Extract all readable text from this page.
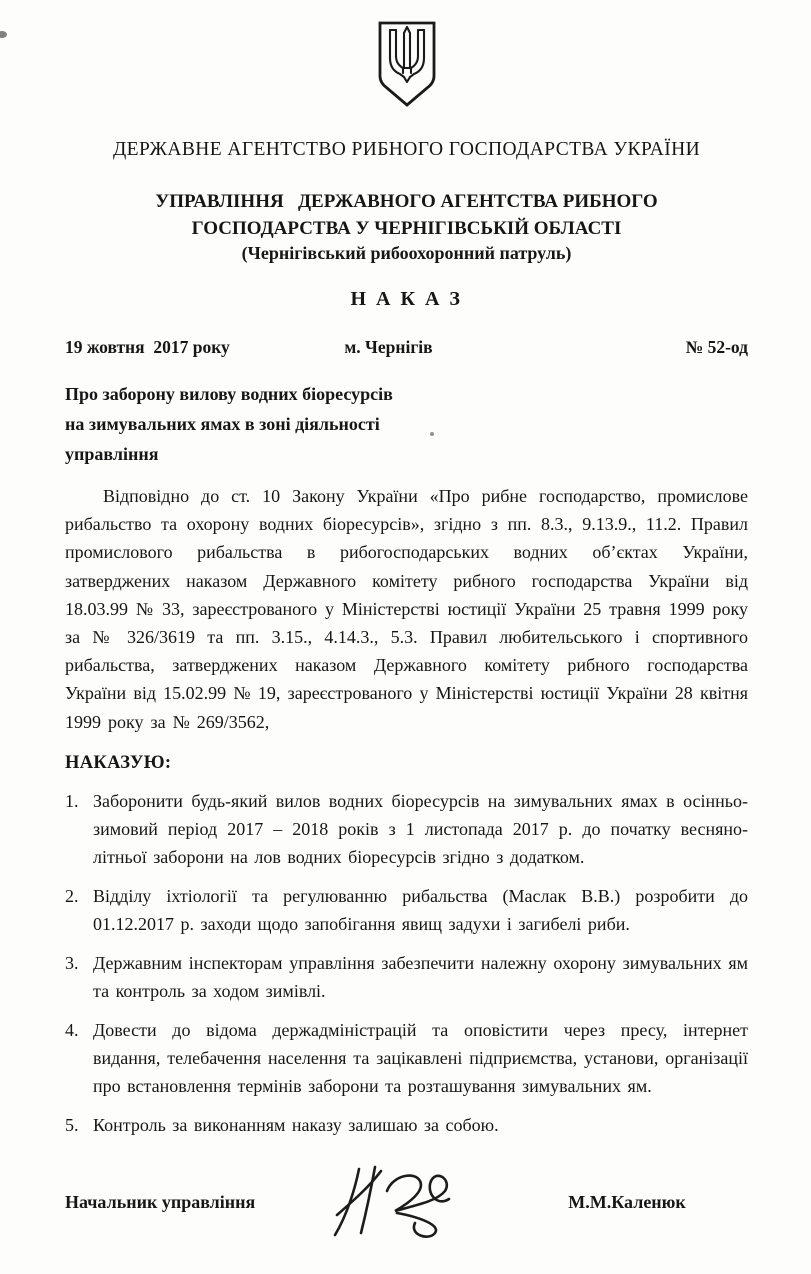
ДЕРЖАВНЕ АГЕНТСТВО РИБНОГО ГОСПОДАРСТВА УКРАЇНИ
УПРАВЛІННЯ   ДЕРЖАВНОГО АГЕНТСТВА РИБНОГО
ГОСПОДАРСТВА У ЧЕРНІГІВСЬКІЙ ОБЛАСТІ
(Чернігівський рибоохоронний патруль)
Н А К А З
19 жовтня  2017 року	м. Чернігів	№ 52-од
Про заборону вилову водних біоресурсів
на зимувальних ямах в зоні діяльності
управління

Відповідно до ст. 10 Закону України «Про рибне господарство, промислове рибальство та охорону водних біоресурсів», згідно з пп. 8.3., 9.13.9., 11.2. Правил промислового рибальства в рибогосподарських водних об’єктах України, затверджених наказом Державного комітету рибного господарства України від 18.03.99 № 33, зареєстрованого у Міністерстві юстиції України 25 травня 1999 року за № 326/3619 та пп. 3.15., 4.14.3., 5.3. Правил любительського і спортивного рибальства, затверджених наказом Державного комітету рибного господарства України від 15.02.99 № 19, зареєстрованого у Міністерстві юстиції України 28 квітня 1999 року за № 269/3562,

НАКАЗУЮ:
1. Заборонити будь-який вилов водних біоресурсів на зимувальних ямах в осінньо-зимовий період 2017 – 2018 років з 1 листопада 2017 р. до початку весняно-літньої заборони на лов водних біоресурсів згідно з додатком.
2. Відділу іхтіології та регулюванню рибальства (Маслак В.В.) розробити до 01.12.2017 р. заходи щодо запобігання явищ задухи і загибелі риби.
3. Державним інспекторам управління забезпечити належну охорону зимувальних ям та контроль за ходом зимівлі.
4. Довести до відома держадміністрацій та оповістити через пресу, інтернет видання, телебачення населення та зацікавлені підприємства, установи, організації про встановлення термінів заборони та розташування зимувальних ям.
5. Контроль за виконанням наказу залишаю за собою.
Начальник управління	М.М.Каленюк
